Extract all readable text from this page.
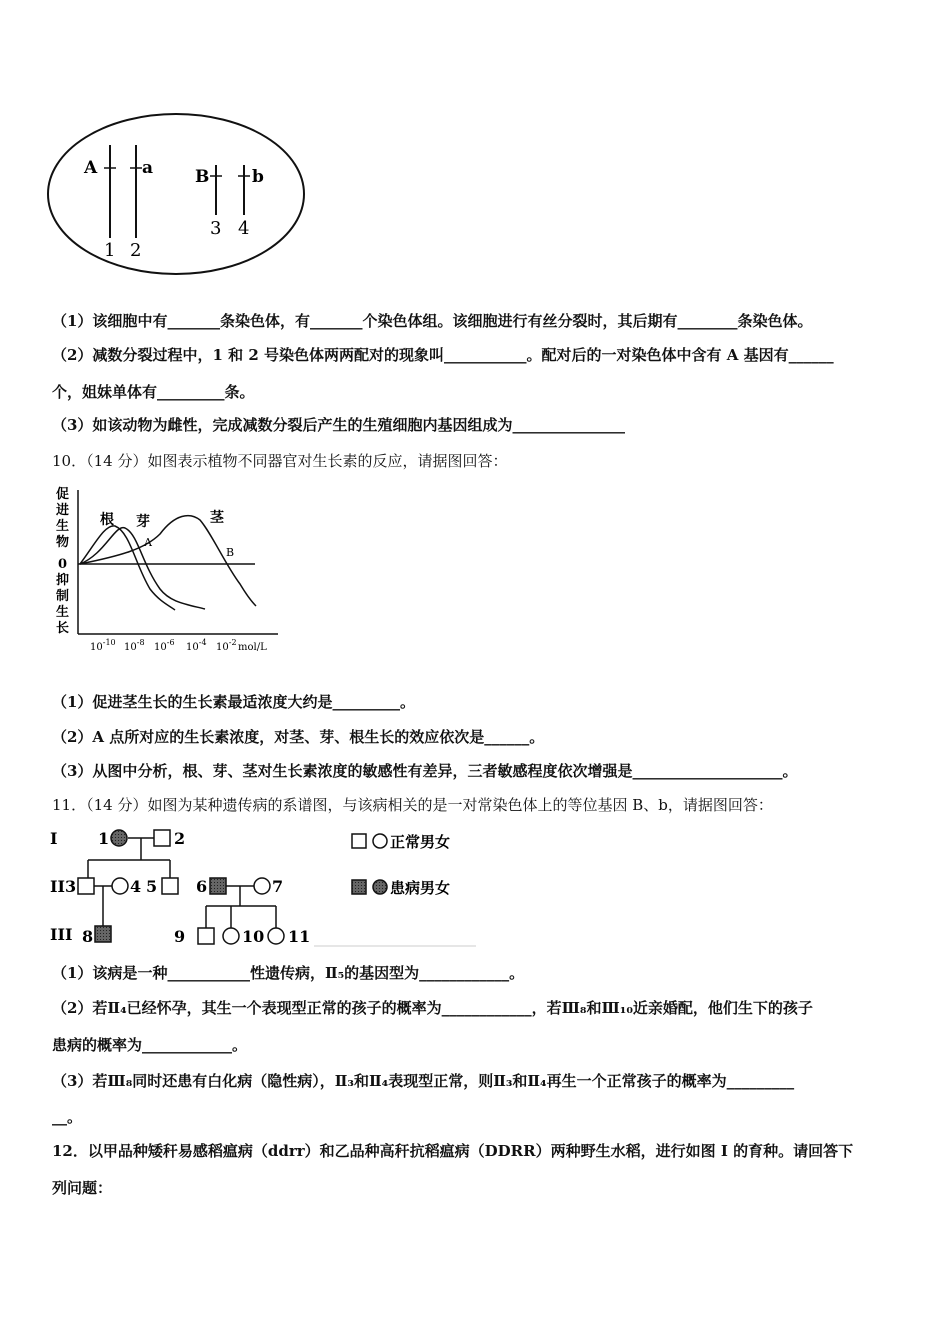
A	a B	b
1 2
3 4
（1）该细胞中有_______条染色体，有_______个染色体组。该细胞进行有丝分裂时，其后期有________条染色体。
（2）减数分裂过程中，1 和 2 号染色体两两配对的现象叫___________。配对后的一对染色体中含有 A 基因有______
个，姐妹单体有_________条。
（3）如该动物为雌性，完成减数分裂后产生的生殖细胞内基因组成为_______________
10．（14 分）如图表示植物不同器官对生长素的反应，请据图回答：
促
进
生
物
0
抑
制
生
长
根 芽	茎
A
B
$10^{-10}$ $10^{-8}$ $10^{-6}$ $10^{-4}$ $10^{-2}$ mol/L
（1）促进茎生长的生长素最适浓度大约是_________。
（2）A 点所对应的生长素浓度，对茎、芽、根生长的效应依次是______。
（3）从图中分析，根、芽、茎对生长素浓度的敏感性有差异，三者敏感程度依次增强是____________________。
11．（14 分）如图为某种遗传病的系谱图，与该病相关的是一对常染色体上的等位基因 B、b，请据图回答：
I
II
III
1	2
3	4 5 6	7
8	9	10 11
正常男女
患病男女
（1）该病是一种___________性遗传病，Ⅱ₅的基因型为____________。
（2）若Ⅱ₄已经怀孕，其生一个表现型正常的孩子的概率为____________，若Ⅲ₈和Ⅲ₁₀近亲婚配，他们生下的孩子
患病的概率为____________。
（3）若Ⅲ₈同时还患有白化病（隐性病），Ⅱ₃和Ⅱ₄表现型正常，则Ⅱ₃和Ⅱ₄再生一个正常孩子的概率为_________
__。
12．以甲品种矮秆易感稻瘟病（ddrr）和乙品种高秆抗稻瘟病（DDRR）两种野生水稻，进行如图 I 的育种。请回答下
列问题：
